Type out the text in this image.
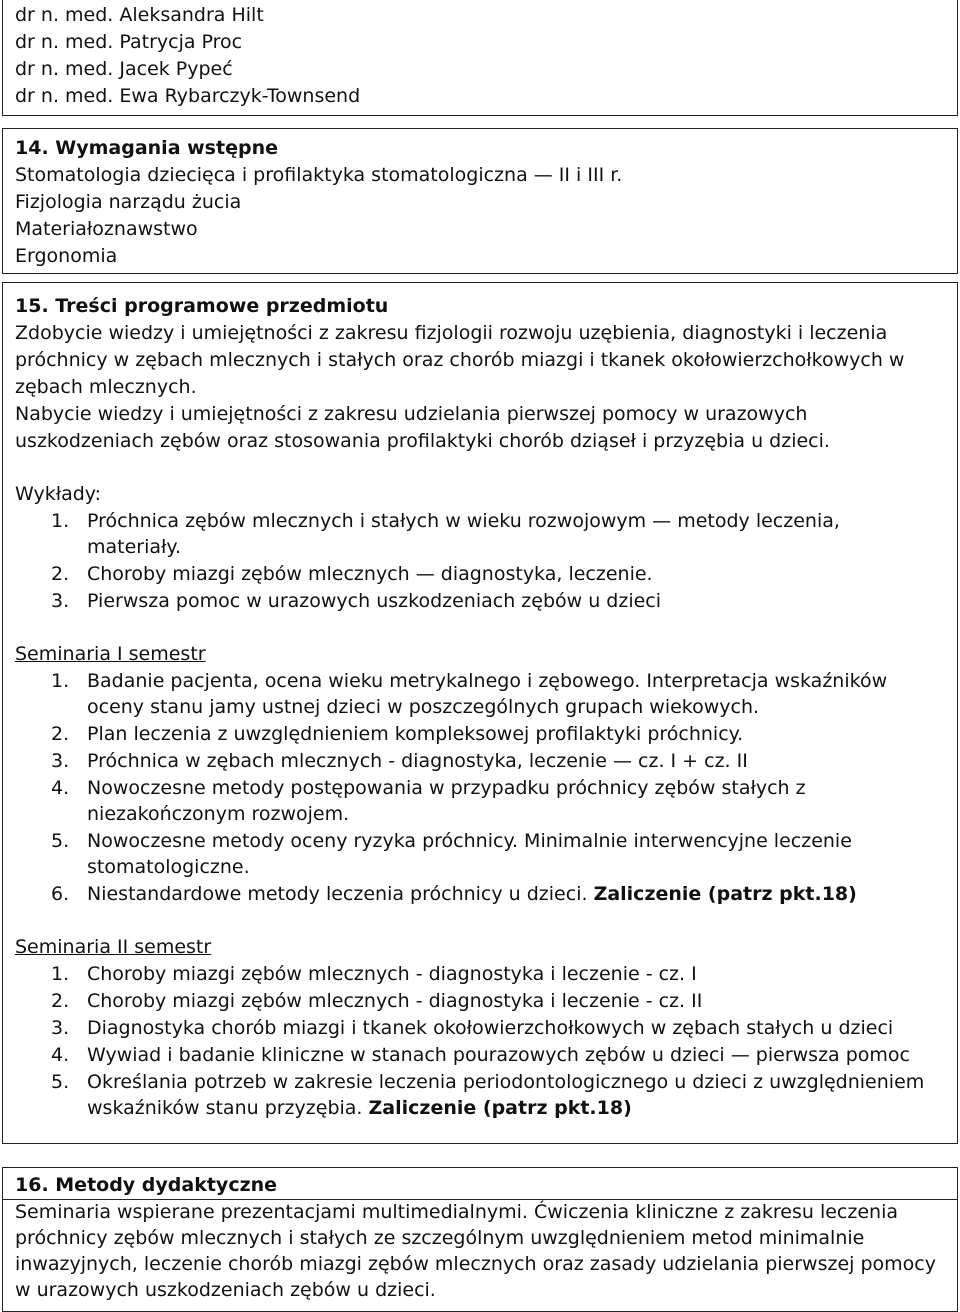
dr n. med. Aleksandra Hilt
dr n. med. Patrycja Proc
dr n. med. Jacek Pypeć
dr n. med. Ewa Rybarczyk-Townsend
14. Wymagania wstępne
Stomatologia dziecięca i profilaktyka stomatologiczna — II i III r.
Fizjologia narządu żucia
Materiałoznawstwo
Ergonomia
15. Treści programowe przedmiotu
Zdobycie wiedzy i umiejętności z zakresu fizjologii rozwoju uzębienia, diagnostyki i leczenia
próchnicy w zębach mlecznych i stałych oraz chorób miazgi i tkanek okołowierzchołkowych w
zębach mlecznych.
Nabycie wiedzy i umiejętności z zakresu udzielania pierwszej pomocy w urazowych
uszkodzeniach zębów oraz stosowania profilaktyki chorób dziąseł i przyzębia u dzieci.
Wykłady:
1. Próchnica zębów mlecznych i stałych w wieku rozwojowym — metody leczenia,
materiały.
2. Choroby miazgi zębów mlecznych — diagnostyka, leczenie.
3. Pierwsza pomoc w urazowych uszkodzeniach zębów u dzieci
Seminaria I semestr
1. Badanie pacjenta, ocena wieku metrykalnego i zębowego. Interpretacja wskaźników
oceny stanu jamy ustnej dzieci w poszczególnych grupach wiekowych.
2. Plan leczenia z uwzględnieniem kompleksowej profilaktyki próchnicy.
3. Próchnica w zębach mlecznych - diagnostyka, leczenie — cz. I + cz. II
4. Nowoczesne metody postępowania w przypadku próchnicy zębów stałych z
niezakończonym rozwojem.
5. Nowoczesne metody oceny ryzyka próchnicy. Minimalnie interwencyjne leczenie
stomatologiczne.
6. Niestandardowe metody leczenia próchnicy u dzieci. Zaliczenie (patrz pkt.18)
Seminaria II semestr
1. Choroby miazgi zębów mlecznych - diagnostyka i leczenie - cz. I
2. Choroby miazgi zębów mlecznych - diagnostyka i leczenie - cz. II
3. Diagnostyka chorób miazgi i tkanek okołowierzchołkowych w zębach stałych u dzieci
4. Wywiad i badanie kliniczne w stanach pourazowych zębów u dzieci — pierwsza pomoc
5. Określania potrzeb w zakresie leczenia periodontologicznego u dzieci z uwzględnieniem
wskaźników stanu przyzębia. Zaliczenie (patrz pkt.18)
16. Metody dydaktyczne
Seminaria wspierane prezentacjami multimedialnymi. Ćwiczenia kliniczne z zakresu leczenia
próchnicy zębów mlecznych i stałych ze szczególnym uwzględnieniem metod minimalnie
inwazyjnych, leczenie chorób miazgi zębów mlecznych oraz zasady udzielania pierwszej pomocy
w urazowych uszkodzeniach zębów u dzieci.
